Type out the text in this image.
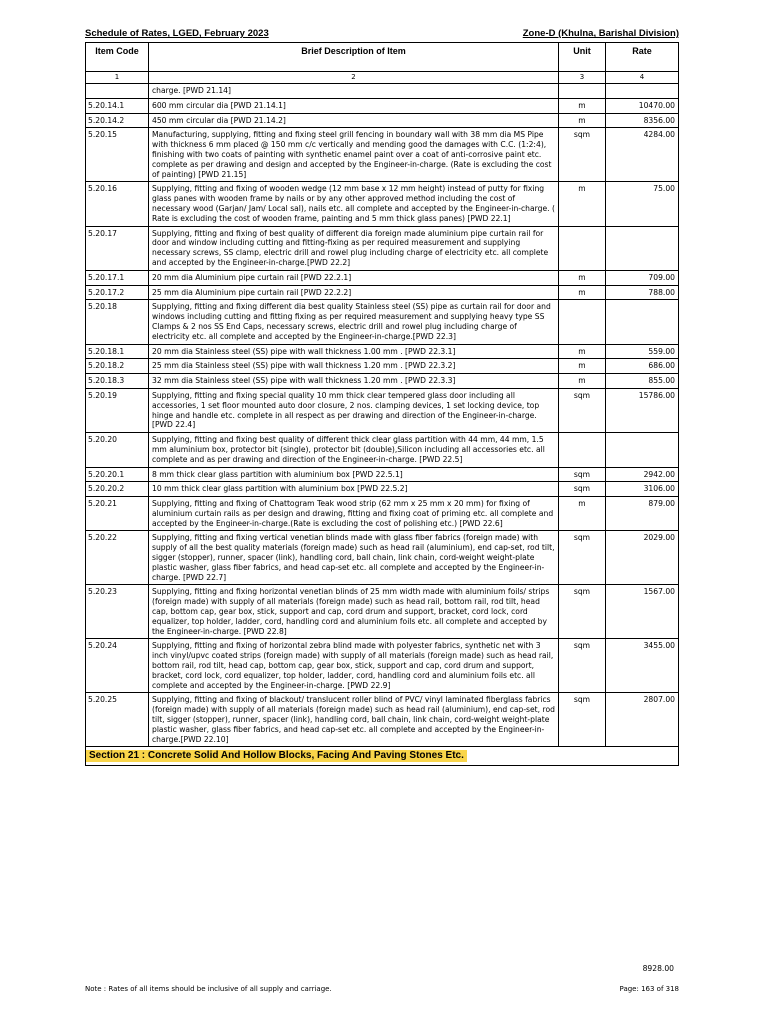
Schedule of Rates, LGED, February 2023	Zone-D (Khulna, Barishal Division)
Item Code	Brief Description of Item	Unit	Rate
1	2	3	4
	charge. [PWD 21.14]		
5.20.14.1	600 mm circular dia [PWD 21.14.1]	m	10470.00
5.20.14.2	450 mm circular dia [PWD 21.14.2]	m	8356.00
5.20.15	Manufacturing, supplying, fitting and fixing steel grill fencing in boundary wall with 38 mm dia MS Pipe with thickness 6 mm placed @ 150 mm c/c vertically and mending good the damages with C.C. (1:2:4), finishing with two coats of painting with synthetic enamel paint over a coat of anti-corrosive paint etc. complete as per drawing and design and accepted by the Engineer-in-charge. (Rate is excluding the cost of painting) [PWD 21.15]	sqm	4284.00
5.20.16	Supplying, fitting and fixing of wooden wedge (12 mm base x 12 mm height) instead of putty for fixing glass panes with wooden frame by nails or by any other approved method including the cost of necessary wood (Garjan/ Jam/ Local sal), nails etc. all complete and accepted by the Engineer-in-charge. ( Rate is excluding the cost of wooden frame, painting and 5 mm thick glass panes) [PWD 22.1]	m	75.00
5.20.17	Supplying, fitting and fixing of best quality of different dia foreign made aluminium pipe curtain rail for door and window including cutting and fitting-fixing as per required measurement and supplying necessary screws, SS clamp, electric drill and rowel plug including charge of electricity etc. all complete and accepted by the Engineer-in-charge.[PWD 22.2]		
5.20.17.1	20 mm dia Aluminium pipe curtain rail [PWD 22.2.1]	m	709.00
5.20.17.2	25 mm dia Aluminium pipe curtain rail [PWD 22.2.2]	m	788.00
5.20.18	Supplying, fitting and fixing different dia best quality Stainless steel (SS) pipe as curtain rail for door and windows including cutting and fitting fixing as per required measurement and supplying heavy type SS Clamps & 2 nos SS End Caps, necessary screws, electric drill and rowel plug including charge of electricity etc. all complete and accepted by the Engineer-in-charge.[PWD 22.3]		
5.20.18.1	20 mm dia Stainless steel (SS) pipe with wall thickness 1.00 mm . [PWD 22.3.1]	m	559.00
5.20.18.2	25 mm dia Stainless steel (SS) pipe with wall thickness 1.20 mm . [PWD 22.3.2]	m	686.00
5.20.18.3	32 mm dia Stainless steel (SS) pipe with wall thickness 1.20 mm . [PWD 22.3.3]	m	855.00
5.20.19	Supplying, fitting and fixing special quality 10 mm thick clear tempered glass door including all accessories, 1 set floor mounted auto door closure, 2 nos. clamping devices, 1 set locking device, top hinge and handle etc. complete in all respect as per drawing and direction of the Engineer-in-charge.[PWD 22.4]	sqm	15786.00
5.20.20	Supplying, fitting and fixing best quality of different thick clear glass partition with 44 mm, 44 mm, 1.5 mm aluminium box, protector bit (single), protector bit (double),Silicon including all accessories etc. all complete and as per drawing and direction of the Engineer-in-charge. [PWD 22.5]		
5.20.20.1	8 mm thick clear glass partition with aluminium box [PWD 22.5.1]	sqm	2942.00
5.20.20.2	10 mm thick clear glass partition with aluminium box [PWD 22.5.2]	sqm	3106.00
5.20.21	Supplying, fitting and fixing of Chattogram Teak wood strip (62 mm x 25 mm x 20 mm) for fixing of aluminium curtain rails as per design and drawing, fitting and fixing coat of priming etc. all complete and accepted by the Engineer-in-charge.(Rate is excluding the cost of polishing etc.) [PWD 22.6]	m	879.00
5.20.22	Supplying, fitting and fixing vertical venetian blinds made with glass fiber fabrics (foreign made) with supply of all the best quality materials (foreign made) such as head rail (aluminium), end cap-set, rod tilt, sigger (stopper), runner, spacer (link), handling cord, ball chain, link chain, cord-weight weight-plate plastic washer, glass fiber fabrics, and head cap-set etc. all complete and accepted by the Engineer-in-charge. [PWD 22.7]	sqm	2029.00
5.20.23	Supplying, fitting and fixing horizontal venetian blinds of 25 mm width made with aluminium foils/ strips (foreign made) with supply of all materials (foreign made) such as head rail, bottom rail, rod tilt, head cap, bottom cap, gear box, stick, support and cap, cord drum and support, bracket, cord lock, cord equalizer, top holder, ladder, cord, handling cord and aluminium foils etc. all complete and accepted by the Engineer-in-charge. [PWD 22.8]	sqm	1567.00
5.20.24	Supplying, fitting and fixing of horizontal zebra blind made with polyester fabrics, synthetic net with 3 inch vinyl/upvc coated strips (foreign made) with supply of all materials (foreign made) such as head rail, bottom rail, rod tilt, head cap, bottom cap, gear box, stick, support and cap, cord drum and support, bracket, cord lock, cord equalizer, top holder, ladder, cord, handling cord and aluminium foils etc. all complete and accepted by the Engineer-in-charge. [PWD 22.9]	sqm	3455.00
5.20.25	Supplying, fitting and fixing of blackout/ translucent roller blind of PVC/ vinyl laminated fiberglass fabrics (foreign made) with supply of all materials (foreign made) such as head rail (aluminium), end cap-set, rod tilt, sigger (stopper), runner, spacer (link), handling cord, ball chain, link chain, cord-weight weight-plate plastic washer, glass fiber fabrics, and head cap-set etc. all complete and accepted by the Engineer-in-charge.[PWD 22.10]	sqm	2807.00
Section 21 : Concrete Solid And Hollow Blocks, Facing And Paving Stones Etc.			
8928.00
Note : Rates of all items should be inclusive of all supply and carriage.	Page: 163 of 318
